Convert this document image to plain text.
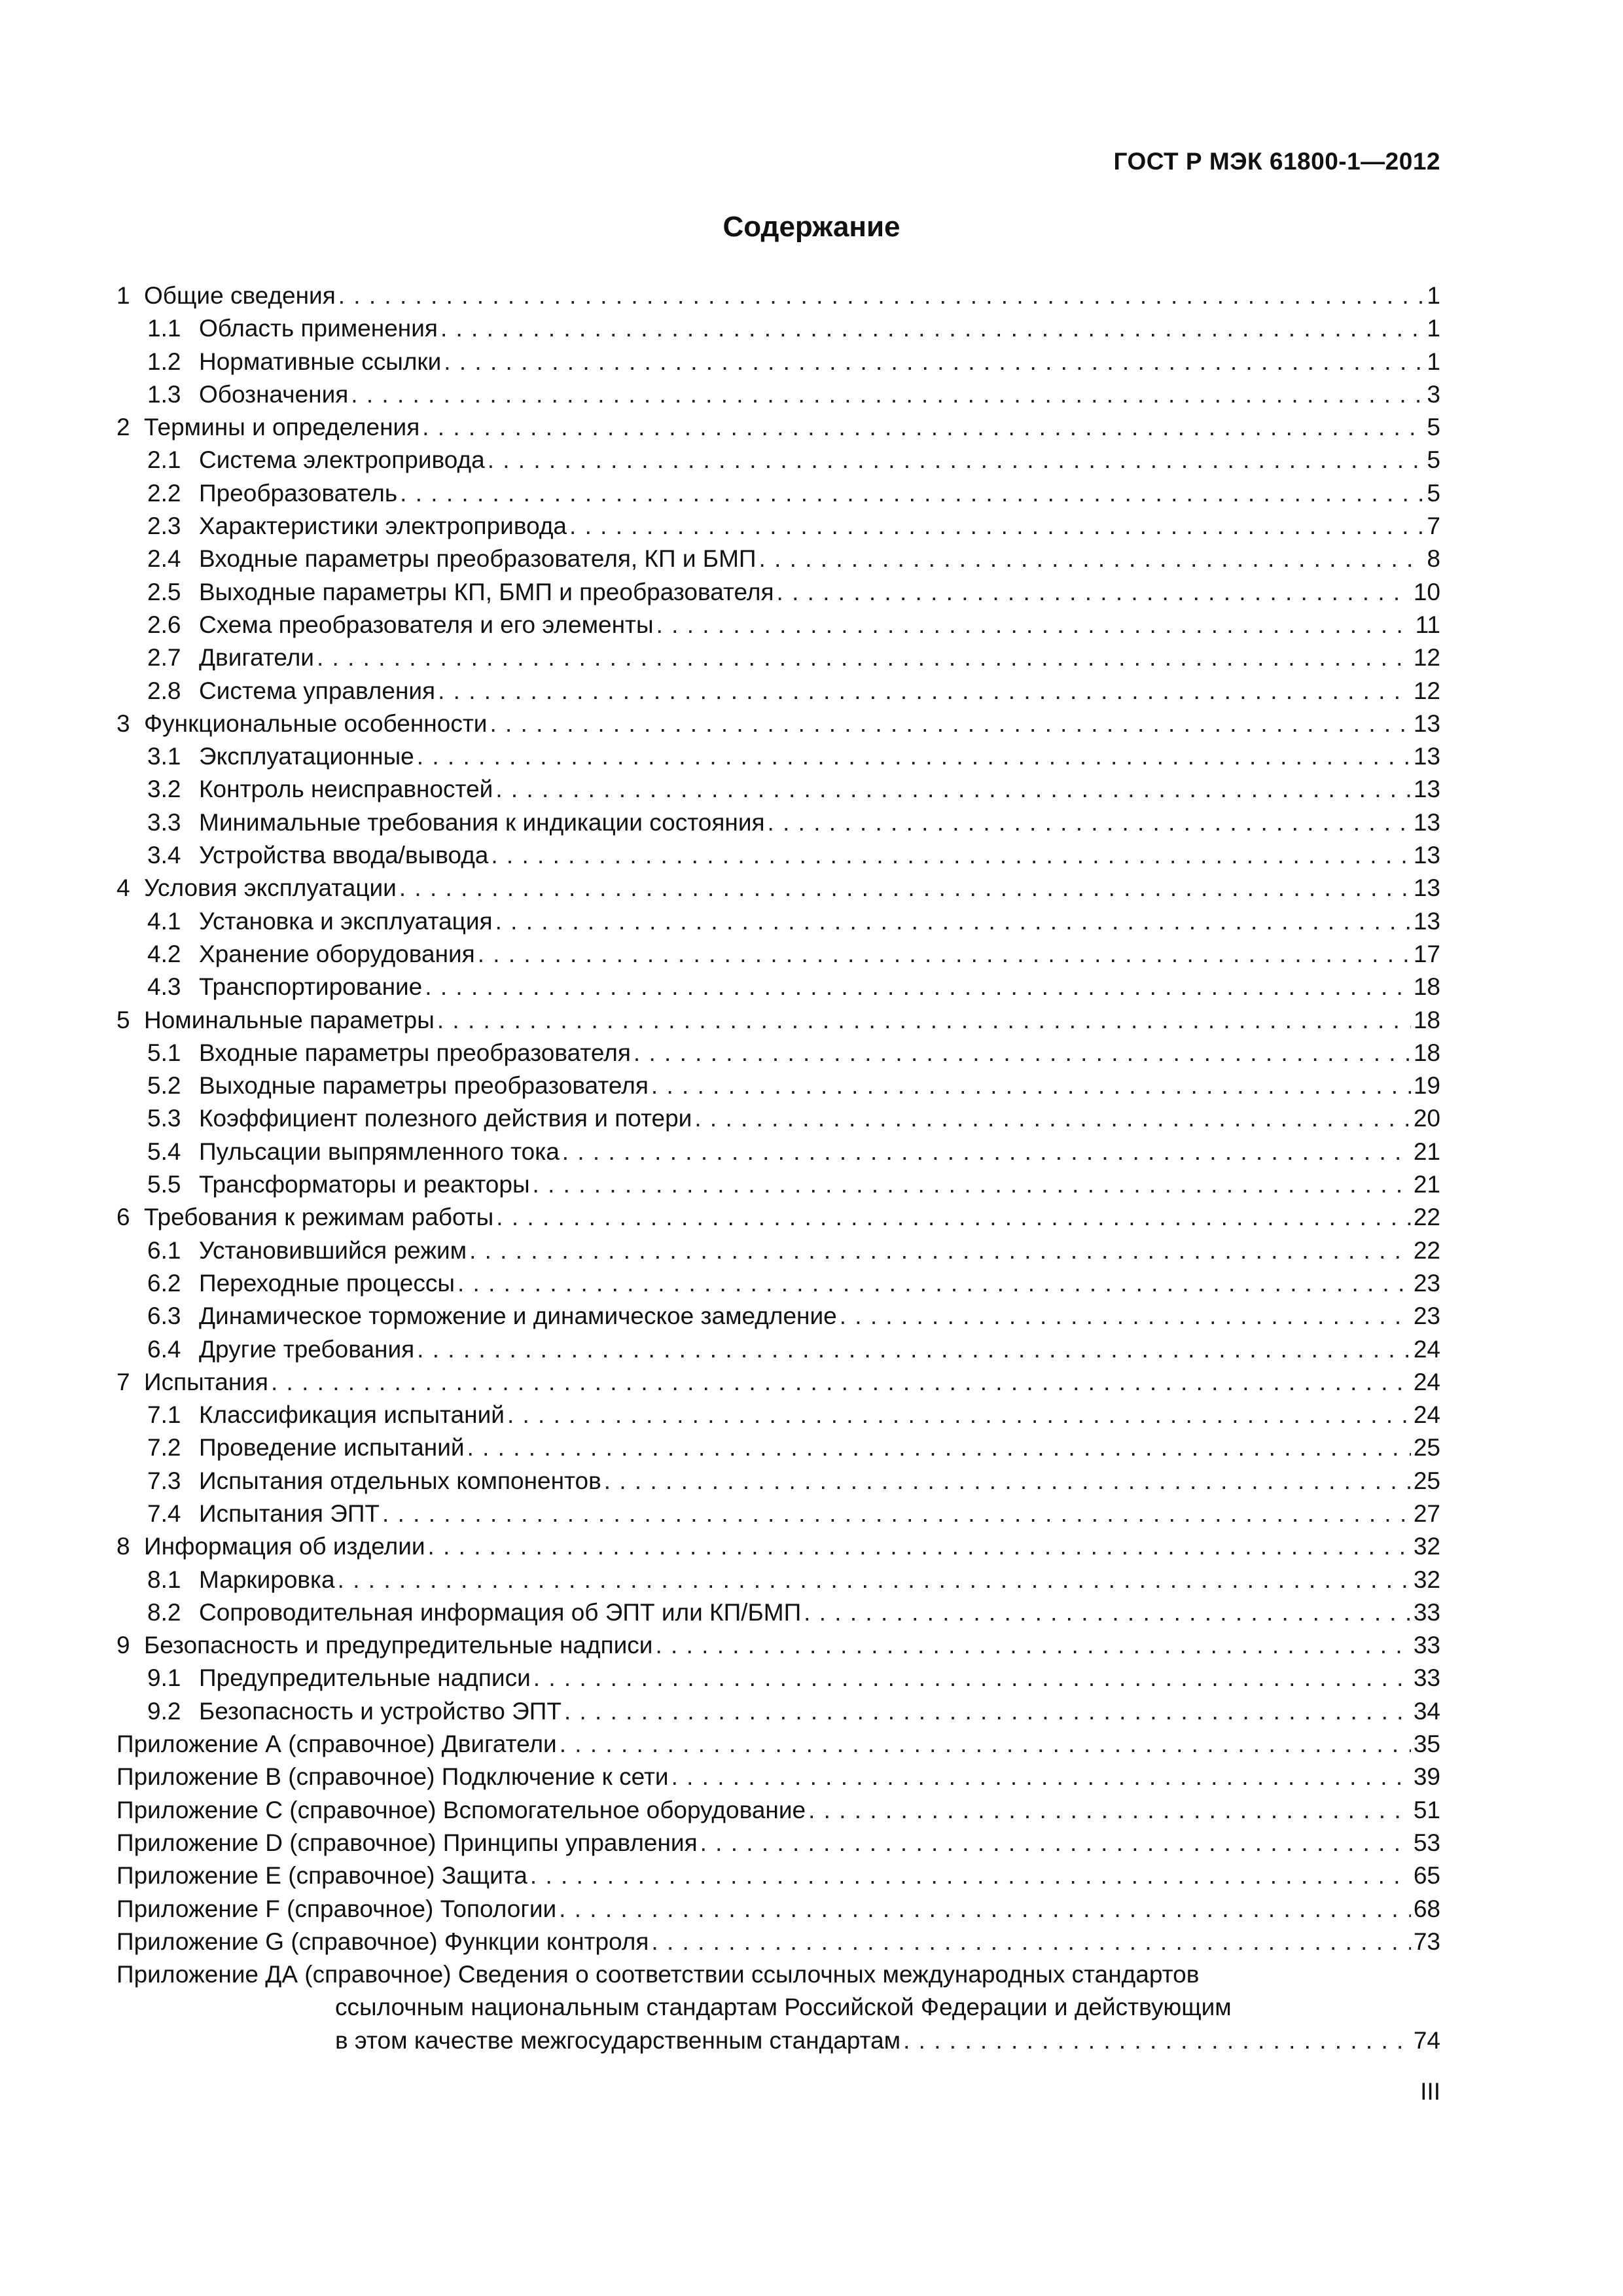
ГОСТ Р МЭК 61800-1—2012
Содержание
1 Общие сведения . . .	1
1.1 Область применения . . .	1
1.2 Нормативные ссылки . . .	1
1.3 Обозначения . . .	3
2 Термины и определения . . .	5
2.1 Система электропривода . . .	5
2.2 Преобразователь . . .	5
2.3 Характеристики электропривода . . .	7
2.4 Входные параметры преобразователя, КП и БМП . . .	8
2.5 Выходные параметры КП, БМП и преобразователя . . .	10
2.6 Схема преобразователя и его элементы . . .	11
2.7 Двигатели . . .	12
2.8 Система управления . . .	12
3 Функциональные особенности . . .	13
3.1 Эксплуатационные . . .	13
3.2 Контроль неисправностей . . .	13
3.3 Минимальные требования к индикации состояния . . .	13
3.4 Устройства ввода/вывода . . .	13
4 Условия эксплуатации . . .	13
4.1 Установка и эксплуатация . . .	13
4.2 Хранение оборудования . . .	17
4.3 Транспортирование . . .	18
5 Номинальные параметры . . .	18
5.1 Входные параметры преобразователя . . .	18
5.2 Выходные параметры преобразователя . . .	19
5.3 Коэффициент полезного действия и потери . . .	20
5.4 Пульсации выпрямленного тока . . .	21
5.5 Трансформаторы и реакторы . . .	21
6 Требования к режимам работы . . .	22
6.1 Установившийся режим . . .	22
6.2 Переходные процессы . . .	23
6.3 Динамическое торможение и динамическое замедление . . .	23
6.4 Другие требования . . .	24
7 Испытания . . .	24
7.1 Классификация испытаний . . .	24
7.2 Проведение испытаний . . .	25
7.3 Испытания отдельных компонентов . . .	25
7.4 Испытания ЭПТ . . .	27
8 Информация об изделии . . .	32
8.1 Маркировка . . .	32
8.2 Сопроводительная информация об ЭПТ или КП/БМП . . .	33
9 Безопасность и предупредительные надписи . . .	33
9.1 Предупредительные надписи . . .	33
9.2 Безопасность и устройство ЭПТ . . .	34
Приложение А (справочное) Двигатели . . .	35
Приложение В (справочное) Подключение к сети . . .	39
Приложение С (справочное) Вспомогательное оборудование . . .	51
Приложение D (справочное) Принципы управления . . .	53
Приложение Е (справочное) Защита . . .	65
Приложение F (справочное) Топологии . . .	68
Приложение G (справочное) Функции контроля . . .	73
Приложение ДА (справочное) Сведения о соответствии ссылочных международных стандартов
ссылочным национальным стандартам Российской Федерации и действующим
в этом качестве межгосударственным стандартам . . .	74
III
